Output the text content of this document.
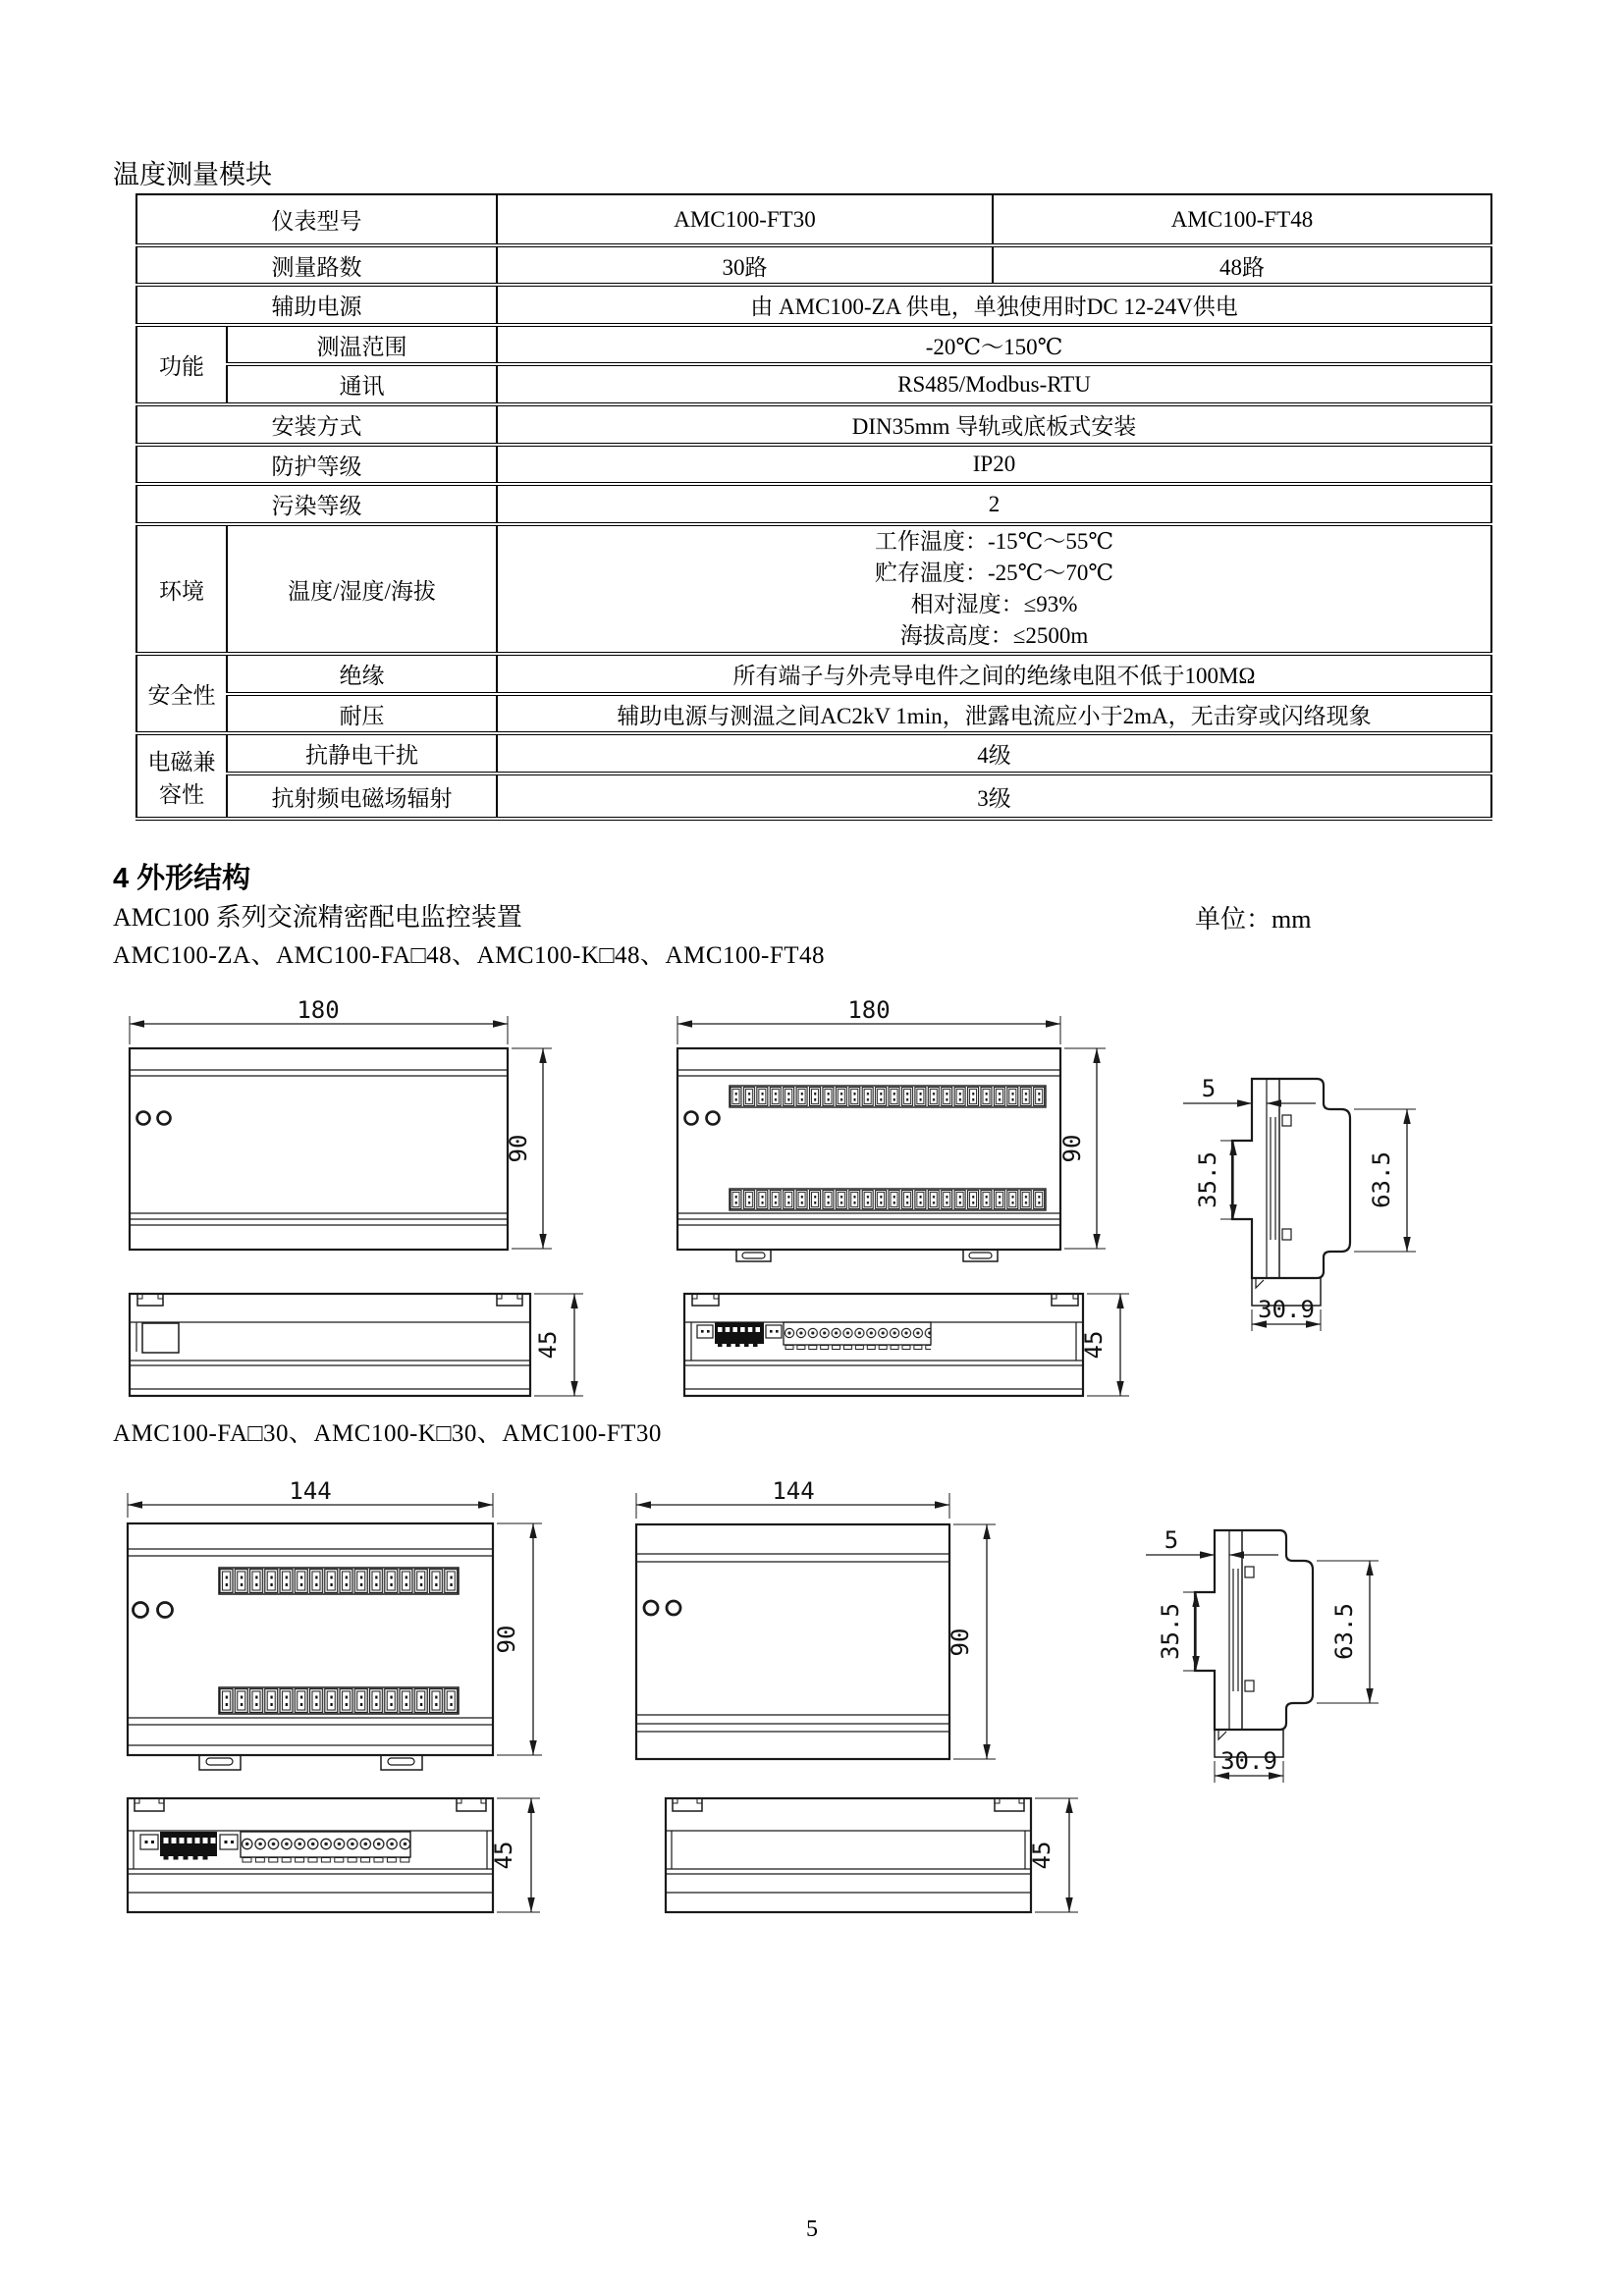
温度测量模块
仪表型号		AMC100-FT30	AMC100-FT48
测量路数		30路	48路
辅助电源		由 AMC100-ZA 供电，单独使用时DC 12-24V供电	
功能	测温范围	-20℃～150℃	
	通讯	RS485/Modbus-RTU	
安装方式		DIN35mm 导轨或底板式安装	
防护等级		IP20	
污染等级		2	
环境	温度/湿度/海拔	工作温度：-15℃～55℃
贮存温度：-25℃～70℃
相对湿度：≤93%
海拔高度：≤2500m	

安全性	绝缘	所有端子与外壳导电件之间的绝缘电阻不低于100MΩ	
	耐压	辅助电源与测温之间AC2kV 1min，泄露电流应小于2mA，无击穿或闪络现象	
电磁兼容性	抗静电干扰	4级	
	抗射频电磁场辐射	3级	
4 外形结构
AMC100 系列交流精密配电监控装置	单位：mm
AMC100-ZA、AMC100-FA□48、AMC100-K□48、AMC100-FT48
AMC100-FA□30、AMC100-K□30、AMC100-FT30
5
180
90
180
90
5
35.5	63.5
30.9
45	45
144
90
144
90
45	45
